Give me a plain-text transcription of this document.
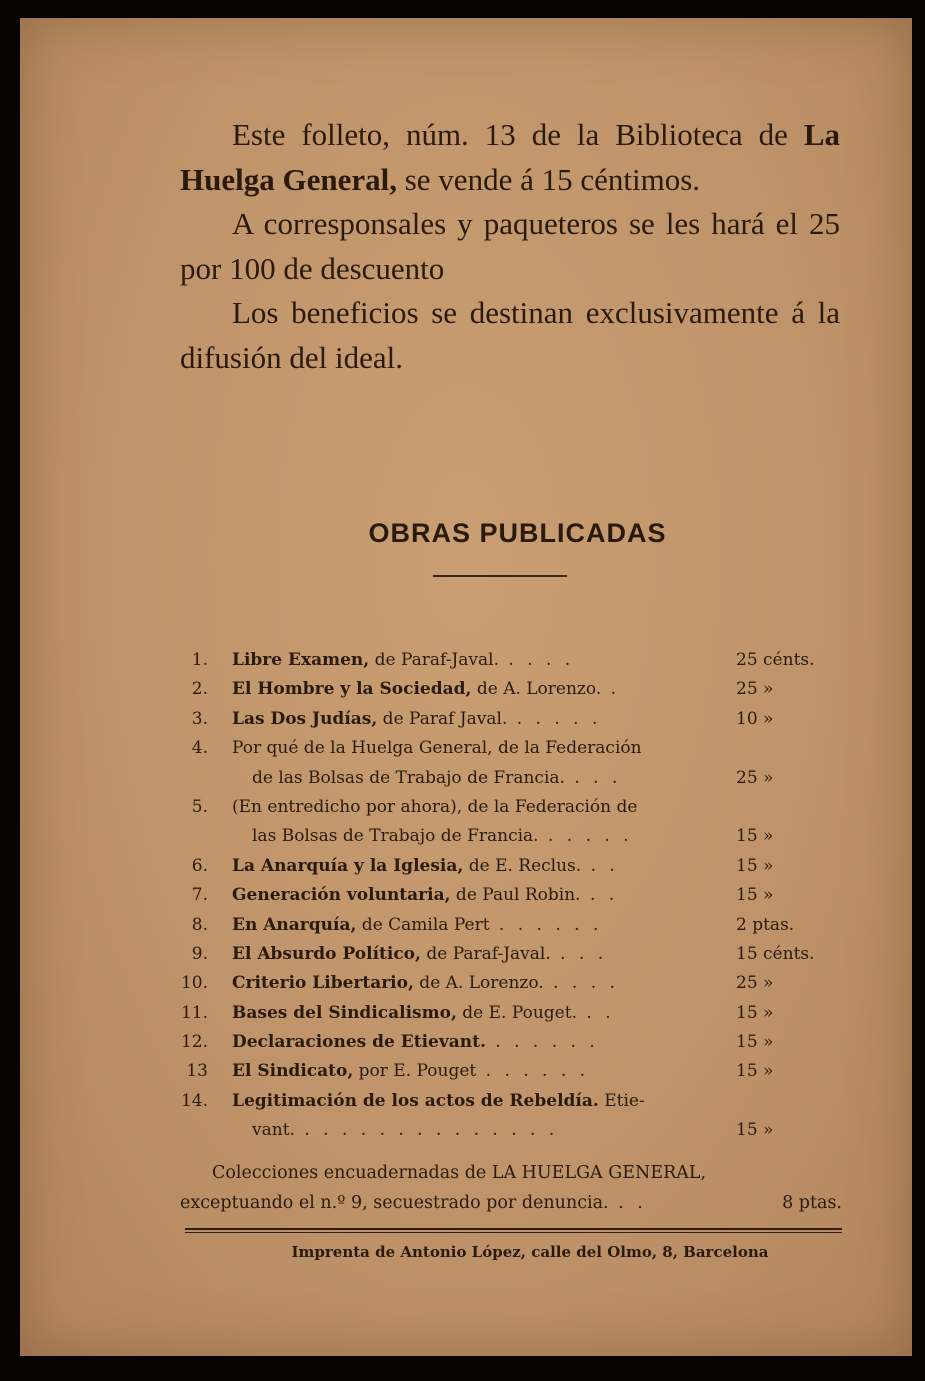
Este folleto, núm. 13 de la Biblioteca de La Huelga General, se vende á 15 céntimos.

A corresponsales y paqueteros se les hará el 25 por 100 de descuento

Los beneficios se destinan exclusivamente á la difusión del ideal.

OBRAS PUBLICADAS
1. Libre Examen, de Paraf-Javal. . . . .	25 cénts.
2. El Hombre y la Sociedad, de A. Lorenzo. .	25 »
3. Las Dos Judías, de Paraf Javal. . . . . .	10 »
4. Por qué de la Huelga General, de la Federación
de las Bolsas de Trabajo de Francia. . . .	25 »
5. (En entredicho por ahora), de la Federación de
las Bolsas de Trabajo de Francia. . . . . .	15 »
6. La Anarquía y la Iglesia, de E. Reclus. . .	15 »
7. Generación voluntaria, de Paul Robin. . .	15 »
8. En Anarquía, de Camila Pert . . . . . .	2 ptas.
9. El Absurdo Político, de Paraf-Javal. . . .	15 cénts.
10. Criterio Libertario, de A. Lorenzo. . . . .	25 »
11. Bases del Sindicalismo, de E. Pouget. . .	15 »
12. Declaraciones de Etievant. . . . . . .	15 »
13 El Sindicato, por E. Pouget . . . . . .	15 »
14. Legitimación de los actos de Rebeldía. Etie-
vant. . . . . . . . . . . . . . .	15 »
Colecciones encuadernadas de LA HUELGA GENERAL,
exceptuando el n.º 9, secuestrado por denuncia. . .	8 ptas.
Imprenta de Antonio López, calle del Olmo, 8, Barcelona
